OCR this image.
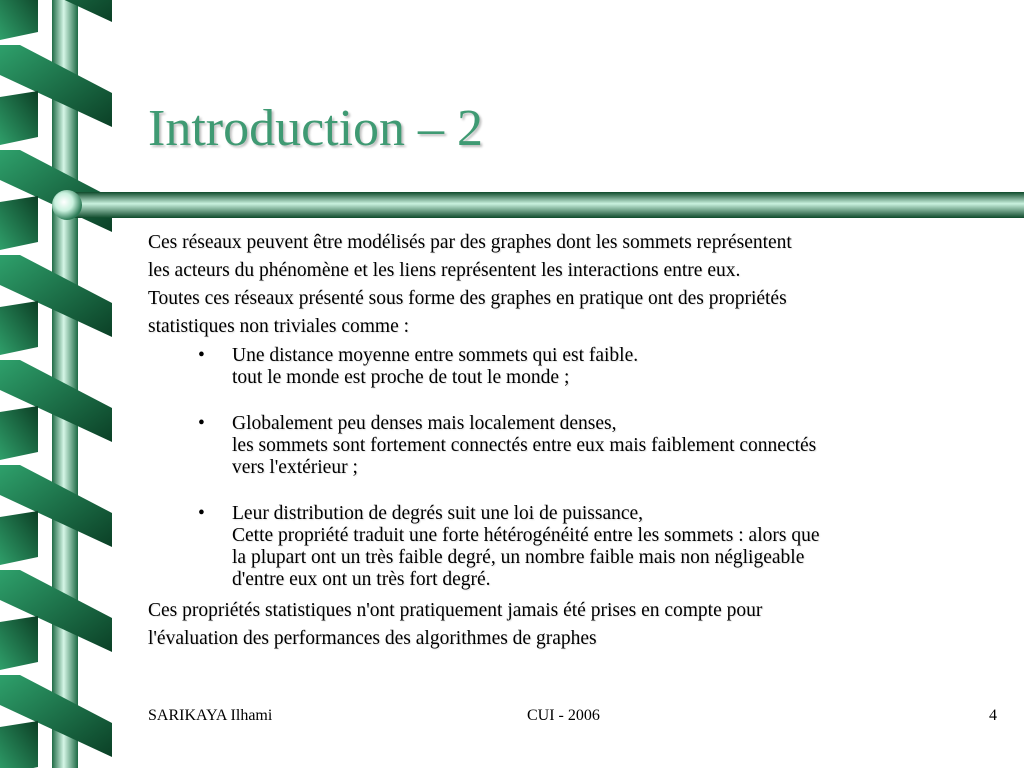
Introduction – 2

Ces réseaux peuvent être modélisés par des graphes dont les sommets représentent
les acteurs du phénomène et les liens représentent les interactions entre eux.

Toutes ces réseaux présenté sous forme des graphes en pratique ont des propriétés
statistiques non triviales comme :

• Une distance moyenne entre sommets qui est faible.
tout le monde est proche de tout le monde ;
• Globalement peu denses mais localement denses,
les sommets sont fortement connectés entre eux mais faiblement connectés
vers l'extérieur ;
• Leur distribution de degrés suit une loi de puissance,
Cette propriété traduit une forte hétérogénéité entre les sommets : alors que
la plupart ont un très faible degré, un nombre faible mais non négligeable
d'entre eux ont un très fort degré.

Ces propriétés statistiques n'ont pratiquement jamais été prises en compte pour
l'évaluation des performances des algorithmes de graphes

SARIKAYA Ilhami	CUI - 2006	4
